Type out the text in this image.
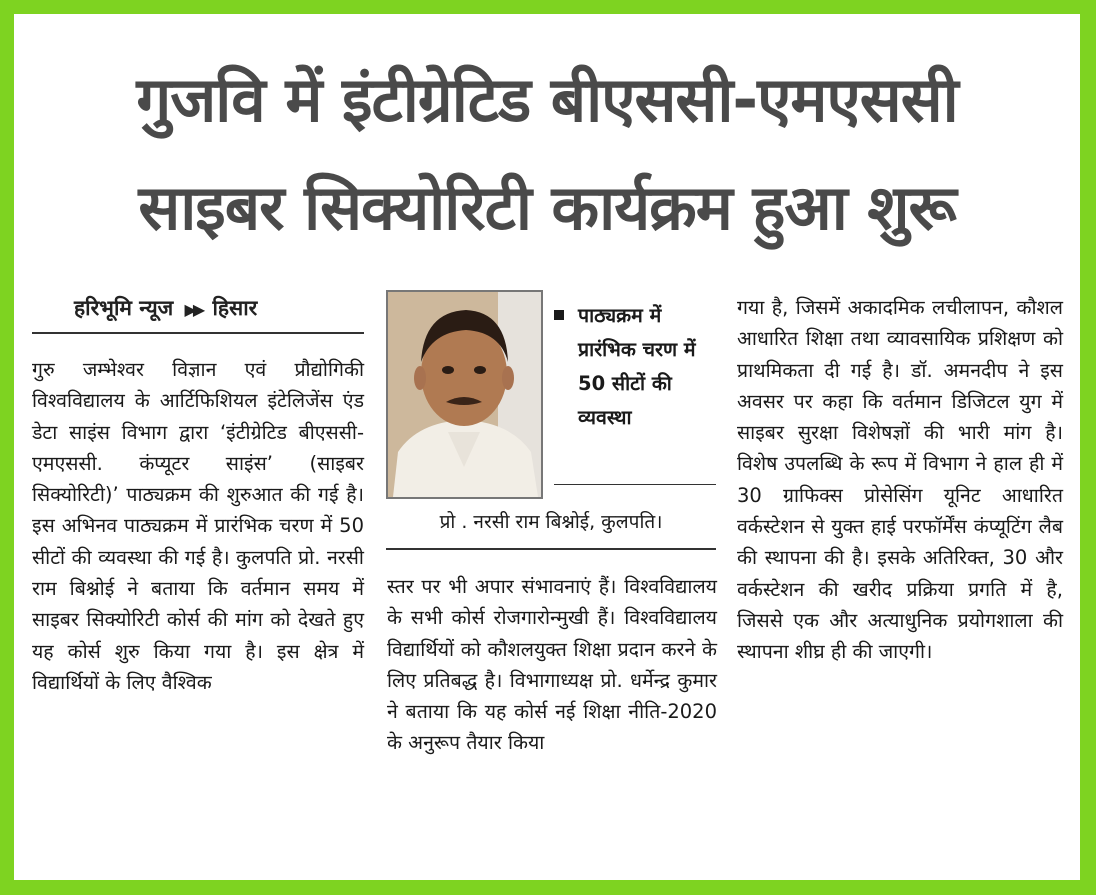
गुजवि में इंटीग्रेटिड बीएससी-एमएससी
साइबर सिक्योरिटी कार्यक्रम हुआ शुरू
हरिभूमि न्यूज ▶▶ हिसार
गुरु जम्भेश्वर विज्ञान एवं प्रौद्योगिकी विश्वविद्यालय के आर्टिफिशियल इंटेलिजेंस एंड डेटा साइंस विभाग द्वारा ‘इंटीग्रेटिड बीएससी-एमएससी. कंप्यूटर साइंस’ (साइबर सिक्योरिटी)’ पाठ्यक्रम की शुरुआत की गई है। इस अभिनव पाठ्यक्रम में प्रारंभिक चरण में 50 सीटों की व्यवस्था की गई है। कुलपति प्रो. नरसी राम बिश्नोई ने बताया कि वर्तमान समय में साइबर सिक्योरिटी कोर्स की मांग को देखते हुए यह कोर्स शुरु किया गया है। इस क्षेत्र में विद्यार्थियों के लिए वैश्विक
पाठ्यक्रम में प्रारंभिक चरण में 50 सीटों की व्यवस्था
प्रो . नरसी राम बिश्नोई, कुलपति।
स्तर पर भी अपार संभावनाएं हैं। विश्वविद्यालय के सभी कोर्स रोजगारोन्मुखी हैं। विश्वविद्यालय विद्यार्थियों को कौशलयुक्त शिक्षा प्रदान करने के लिए प्रतिबद्ध है। विभागाध्यक्ष प्रो. धर्मेन्द्र कुमार ने बताया कि यह कोर्स नई शिक्षा नीति-2020 के अनुरूप तैयार किया
गया है, जिसमें अकादमिक लचीलापन, कौशल आधारित शिक्षा तथा व्यावसायिक प्रशिक्षण को प्राथमिकता दी गई है। डॉ. अमनदीप ने इस अवसर पर कहा कि वर्तमान डिजिटल युग में साइबर सुरक्षा विशेषज्ञों की भारी मांग है। विशेष उपलब्धि के रूप में विभाग ने हाल ही में 30 ग्राफिक्स प्रोसेसिंग यूनिट आधारित वर्कस्टेशन से युक्त हाई परफॉर्मेंस कंप्यूटिंग लैब की स्थापना की है। इसके अतिरिक्त, 30 और वर्कस्टेशन की खरीद प्रक्रिया प्रगति में है, जिससे एक और अत्याधुनिक प्रयोगशाला की स्थापना शीघ्र ही की जाएगी।
